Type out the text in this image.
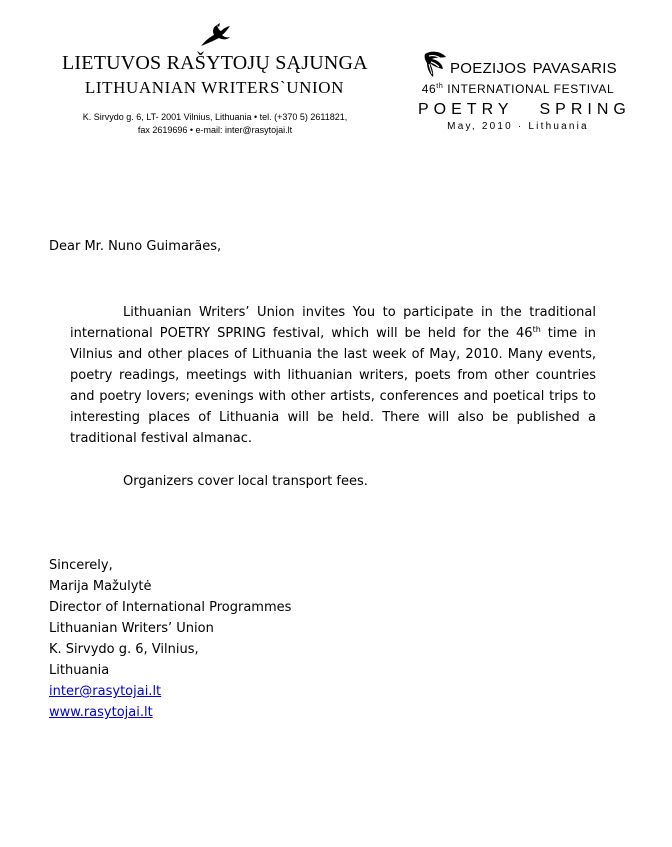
LIETUVOS RAŠYTOJŲ SĄJUNGA
LITHUANIAN WRITERS`UNION
K. Sirvydo g. 6, LT- 2001 Vilnius, Lithuania • tel. (+370 5) 2611821,
fax 2619696 • e-mail: inter@rasytojai.lt
POEZIJOS PAVASARIS
46th INTERNATIONAL FESTIVAL
POETRY SPRING
May, 2010 · Lithuania
Dear Mr. Nuno Guimarães,

Lithuanian Writers’ Union invites You to participate in the traditional international POETRY SPRING festival, which will be held for the 46th time in Vilnius and other places of Lithuania the last week of May, 2010. Many events, poetry readings, meetings with lithuanian writers, poets from other countries and poetry lovers; evenings with other artists, conferences and poetical trips to interesting places of Lithuania will be held. There will also be published a traditional festival almanac.

Organizers cover local transport fees.
Sincerely,
Marija Mažulytė
Director of International Programmes
Lithuanian Writers’ Union
K. Sirvydo g. 6, Vilnius,
Lithuania
inter@rasytojai.lt
www.rasytojai.lt
